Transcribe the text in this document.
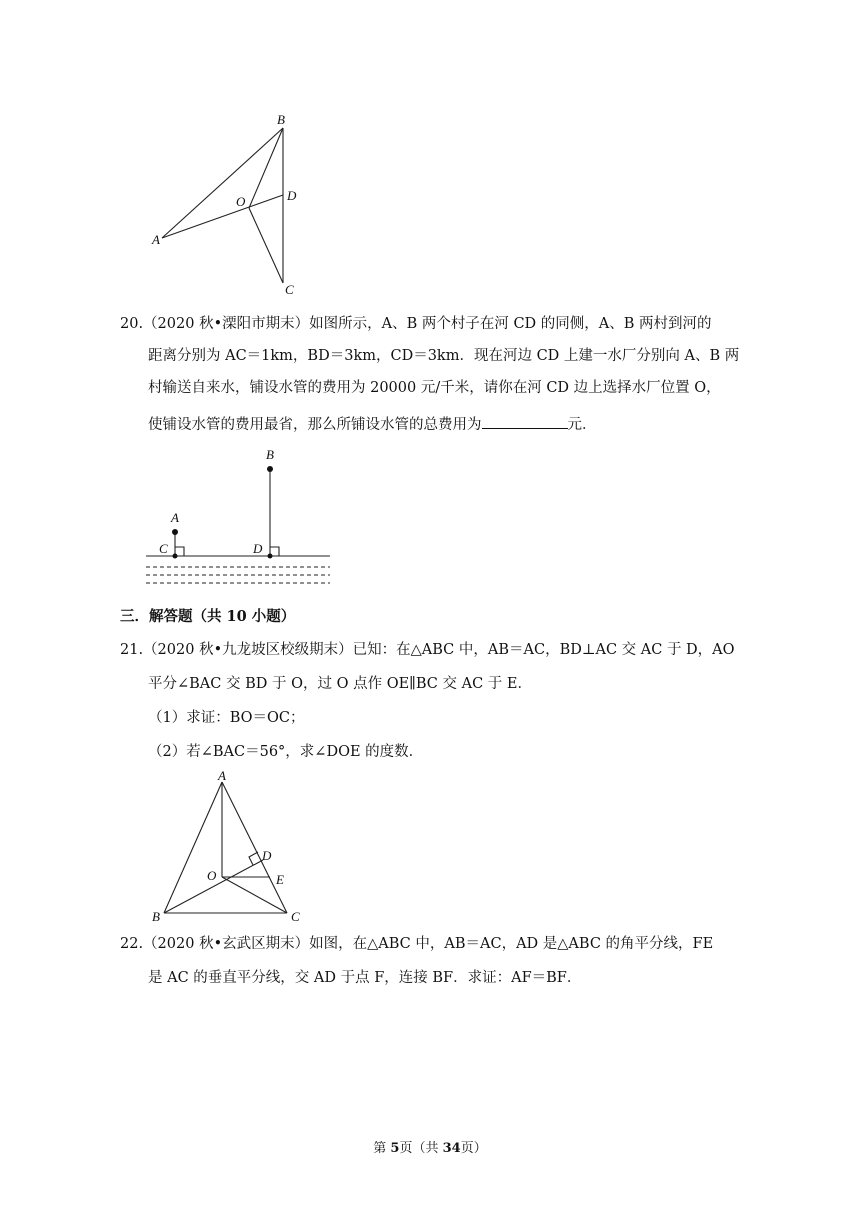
B
A
C
D
O
20.（2020 秋•溧阳市期末）如图所示，A、B 两个村子在河 CD 的同侧，A、B 两村到河的
距离分别为 AC＝1km，BD＝3km，CD＝3km．现在河边 CD 上建一水厂分别向 A、B 两
村输送自来水，铺设水管的费用为 20000 元/千米，请你在河 CD 边上选择水厂位置 O，
使铺设水管的费用最省，那么所铺设水管的总费用为	元．
B
A
C	D
三．解答题（共 10 小题）
21.（2020 秋•九龙坡区校级期末）已知：在△ABC 中，AB＝AC，BD⊥AC 交 AC 于 D，AO
平分∠BAC 交 BD 于 O，过 O 点作 OE∥BC 交 AC 于 E．
（1）求证：BO＝OC；
（2）若∠BAC＝56°，求∠DOE 的度数．
A
B	C
D
E
O
22.（2020 秋•玄武区期末）如图，在△ABC 中，AB＝AC，AD 是△ABC 的角平分线，FE
是 AC 的垂直平分线，交 AD 于点 F，连接 BF．求证：AF＝BF．
第 5页（共 34页）
